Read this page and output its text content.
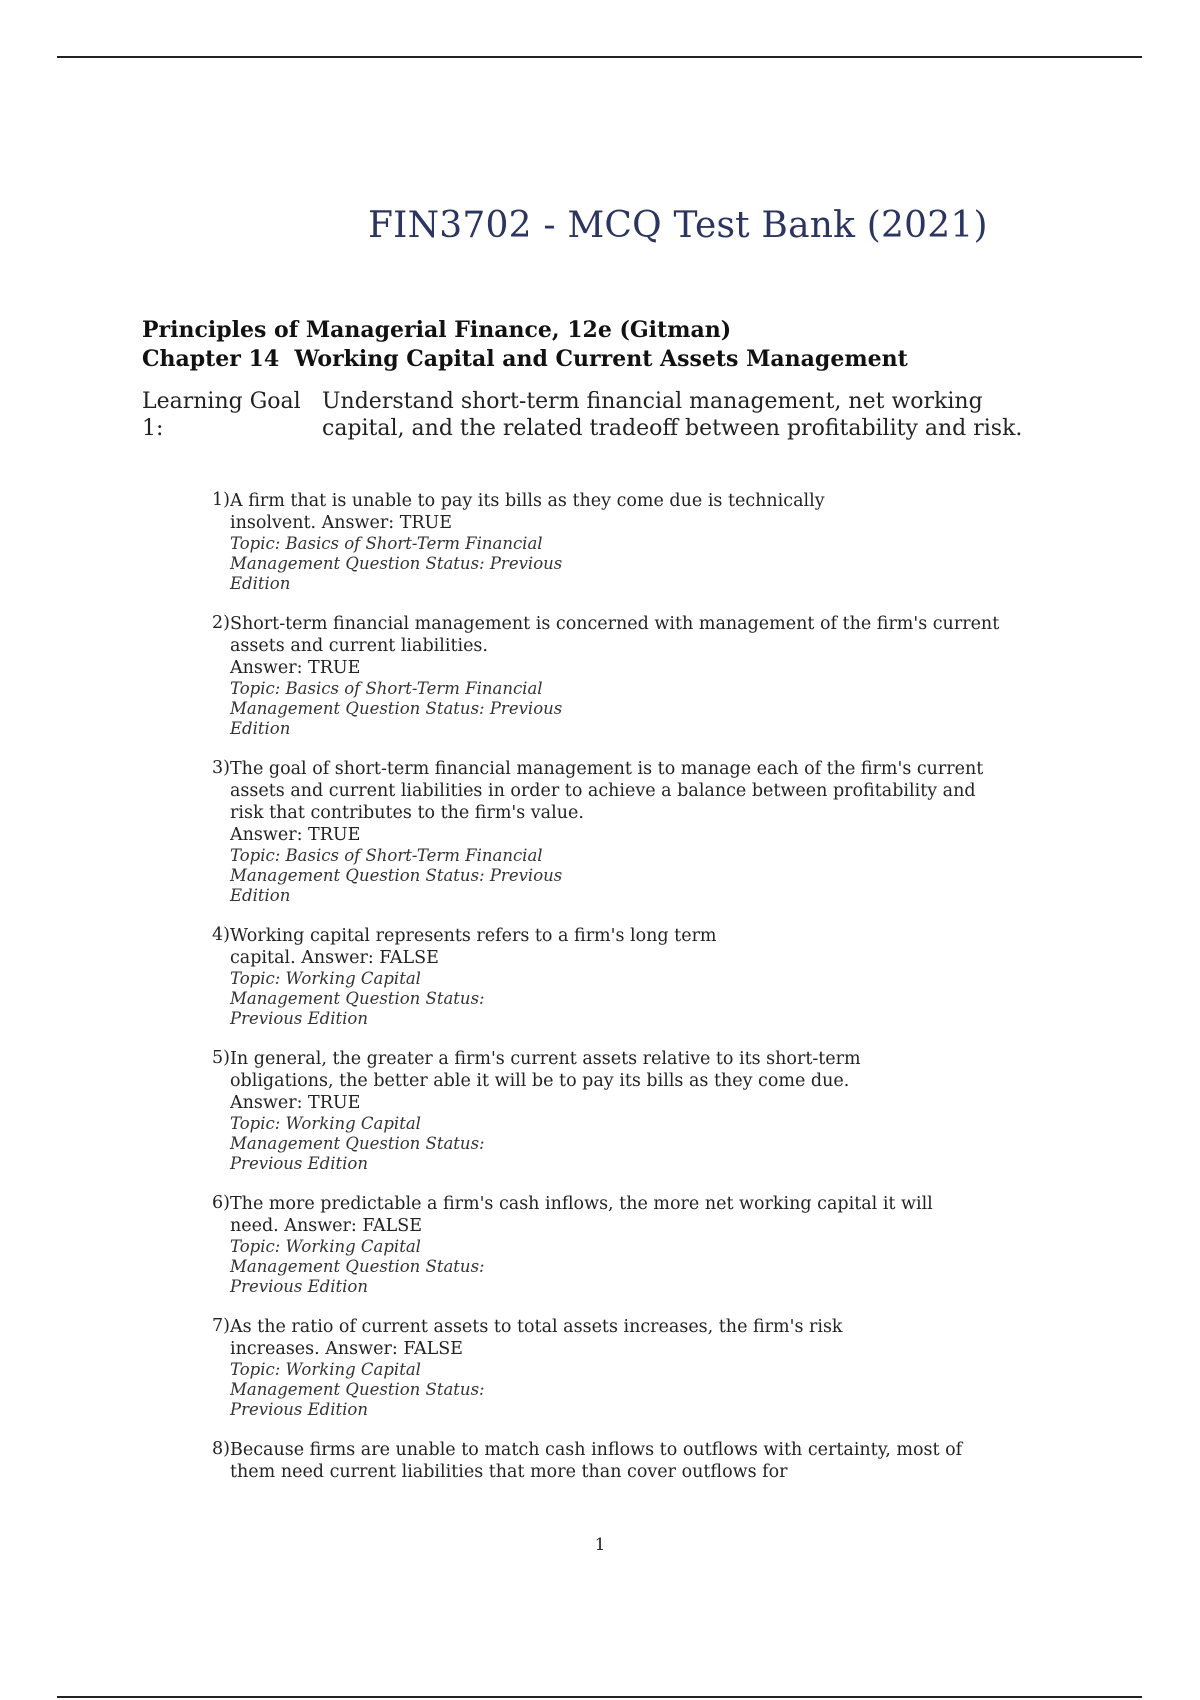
FIN3702 - MCQ Test Bank (2021)
Principles of Managerial Finance, 12e (Gitman)
Chapter 14  Working Capital and Current Assets Management
Learning Goal 1:
Understand short-term financial management, net working capital, and the related tradeoff between profitability and risk.
1) A firm that is unable to pay its bills as they come due is technically insolvent. Answer: TRUE
Topic: Basics of Short-Term Financial
Management Question Status: Previous
Edition
2) Short-term financial management is concerned with management of the firm's current assets and current liabilities.
Answer: TRUE
Topic: Basics of Short-Term Financial
Management Question Status: Previous
Edition
3) The goal of short-term financial management is to manage each of the firm's current assets and current liabilities in order to achieve a balance between profitability and risk that contributes to the firm's value.
Answer: TRUE
Topic: Basics of Short-Term Financial
Management Question Status: Previous
Edition
4) Working capital represents refers to a firm's long term capital. Answer: FALSE
Topic: Working Capital
Management Question Status:
Previous Edition
5) In general, the greater a firm's current assets relative to its short-term obligations, the better able it will be to pay its bills as they come due.
Answer: TRUE
Topic: Working Capital
Management Question Status:
Previous Edition
6) The more predictable a firm's cash inflows, the more net working capital it will need. Answer: FALSE
Topic: Working Capital
Management Question Status:
Previous Edition
7) As the ratio of current assets to total assets increases, the firm's risk increases. Answer: FALSE
Topic: Working Capital
Management Question Status:
Previous Edition
8) Because firms are unable to match cash inflows to outflows with certainty, most of them need current liabilities that more than cover outflows for
1
